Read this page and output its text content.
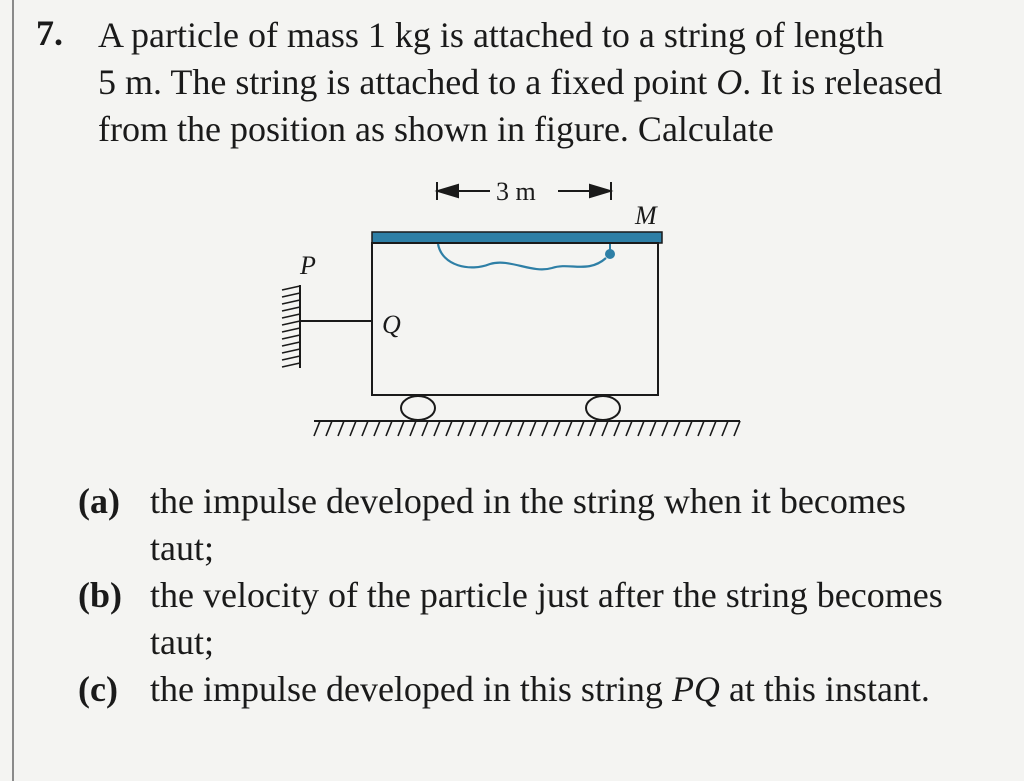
7. A particle of mass 1 kg is attached to a string of length
5 m. The string is attached to a fixed point O. It is released
from the position as shown in figure. Calculate
3 m
M
P
Q
(a) the impulse developed in the string when it becomes
taut;
(b) the velocity of the particle just after the string becomes
taut;
(c) the impulse developed in this string PQ at this instant.
